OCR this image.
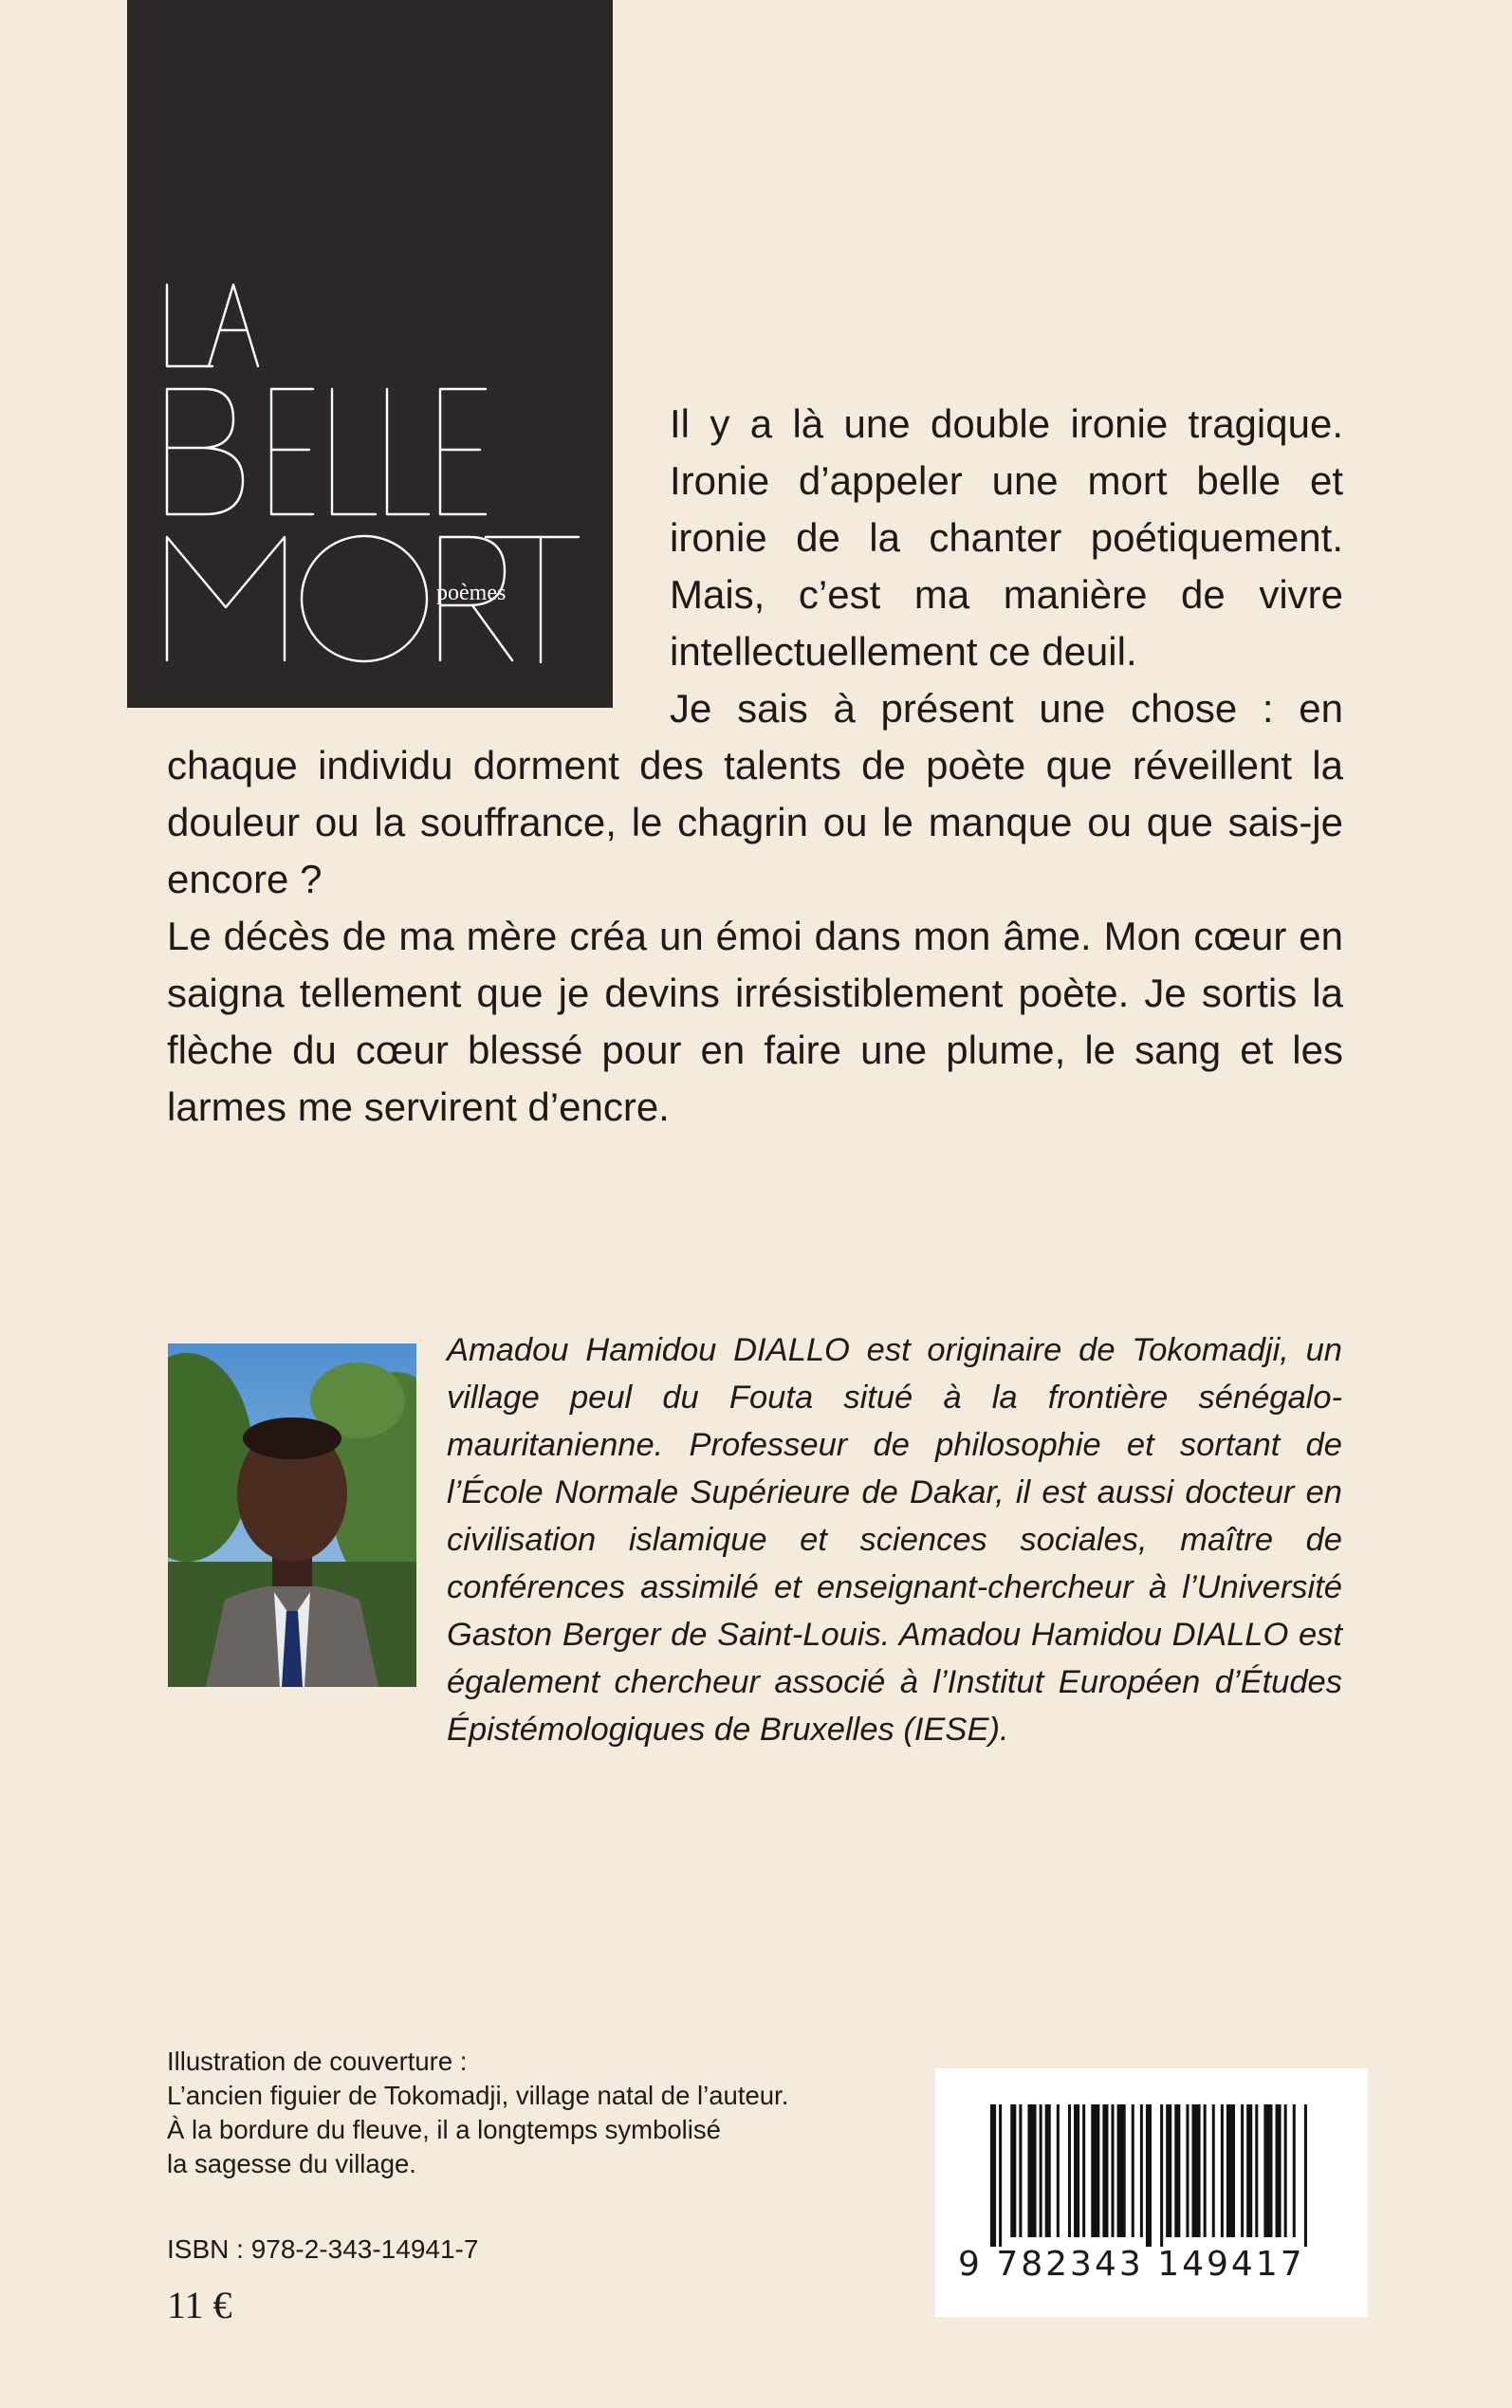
poèmes

Il y a là une double ironie tragique. Ironie d’appeler une mort belle et ironie de la chanter poétiquement. Mais, c’est ma manière de vivre intellectuellement ce deuil.

Je sais à présent une chose : en chaque individu dorment des talents de poète que réveillent la douleur ou la souffrance, le chagrin ou le manque ou que sais-je encore ?

Le décès de ma mère créa un émoi dans mon âme. Mon cœur en saigna tellement que je devins irrésistiblement poète. Je sortis la flèche du cœur blessé pour en faire une plume, le sang et les larmes me servirent d’encre.

Amadou Hamidou DIALLO est originaire de Tokomadji, un village peul du Fouta situé à la frontière sénégalo-mauritanienne. Professeur de philosophie et sortant de l’École Normale Supérieure de Dakar, il est aussi docteur en civilisation islamique et sciences sociales, maître de conférences assimilé et enseignant-chercheur à l’Université Gaston Berger de Saint-Louis. Amadou Hamidou DIALLO est également chercheur associé à l’Institut Européen d’Études Épistémologiques de Bruxelles (IESE).

Illustration de couverture :
L’ancien figuier de Tokomadji, village natal de l’auteur.
À la bordure du fleuve, il a longtemps symbolisé
la sagesse du village.
ISBN : 978-2-343-14941-7
11 €
9 782343 149417
